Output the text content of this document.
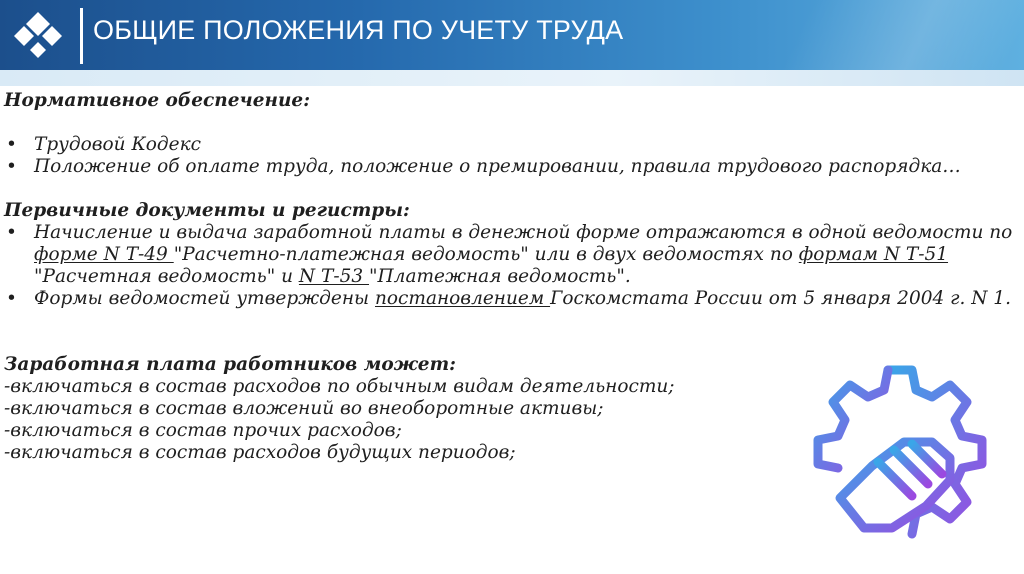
ОБЩИЕ ПОЛОЖЕНИЯ ПО УЧЕТУ ТРУДА
Нормативное обеспечение:
• Трудовой Кодекс
• Положение об оплате труда, положение о премировании, правила трудового распорядка…
Первичные документы и регистры:
• Начисление и выдача заработной платы в денежной форме отражаются в одной ведомости по форме N Т-49 "Расчетно-платежная ведомость" или в двух ведомостях по формам N Т-51 "Расчетная ведомость" и N Т-53 "Платежная ведомость".
• Формы ведомостей утверждены постановлением Госкомстата России от 5 января 2004 г. N 1.
Заработная плата работников может:
-включаться в состав расходов по обычным видам деятельности;
-включаться в состав вложений во внеоборотные активы;
-включаться в состав прочих расходов;
-включаться в состав расходов будущих периодов;
